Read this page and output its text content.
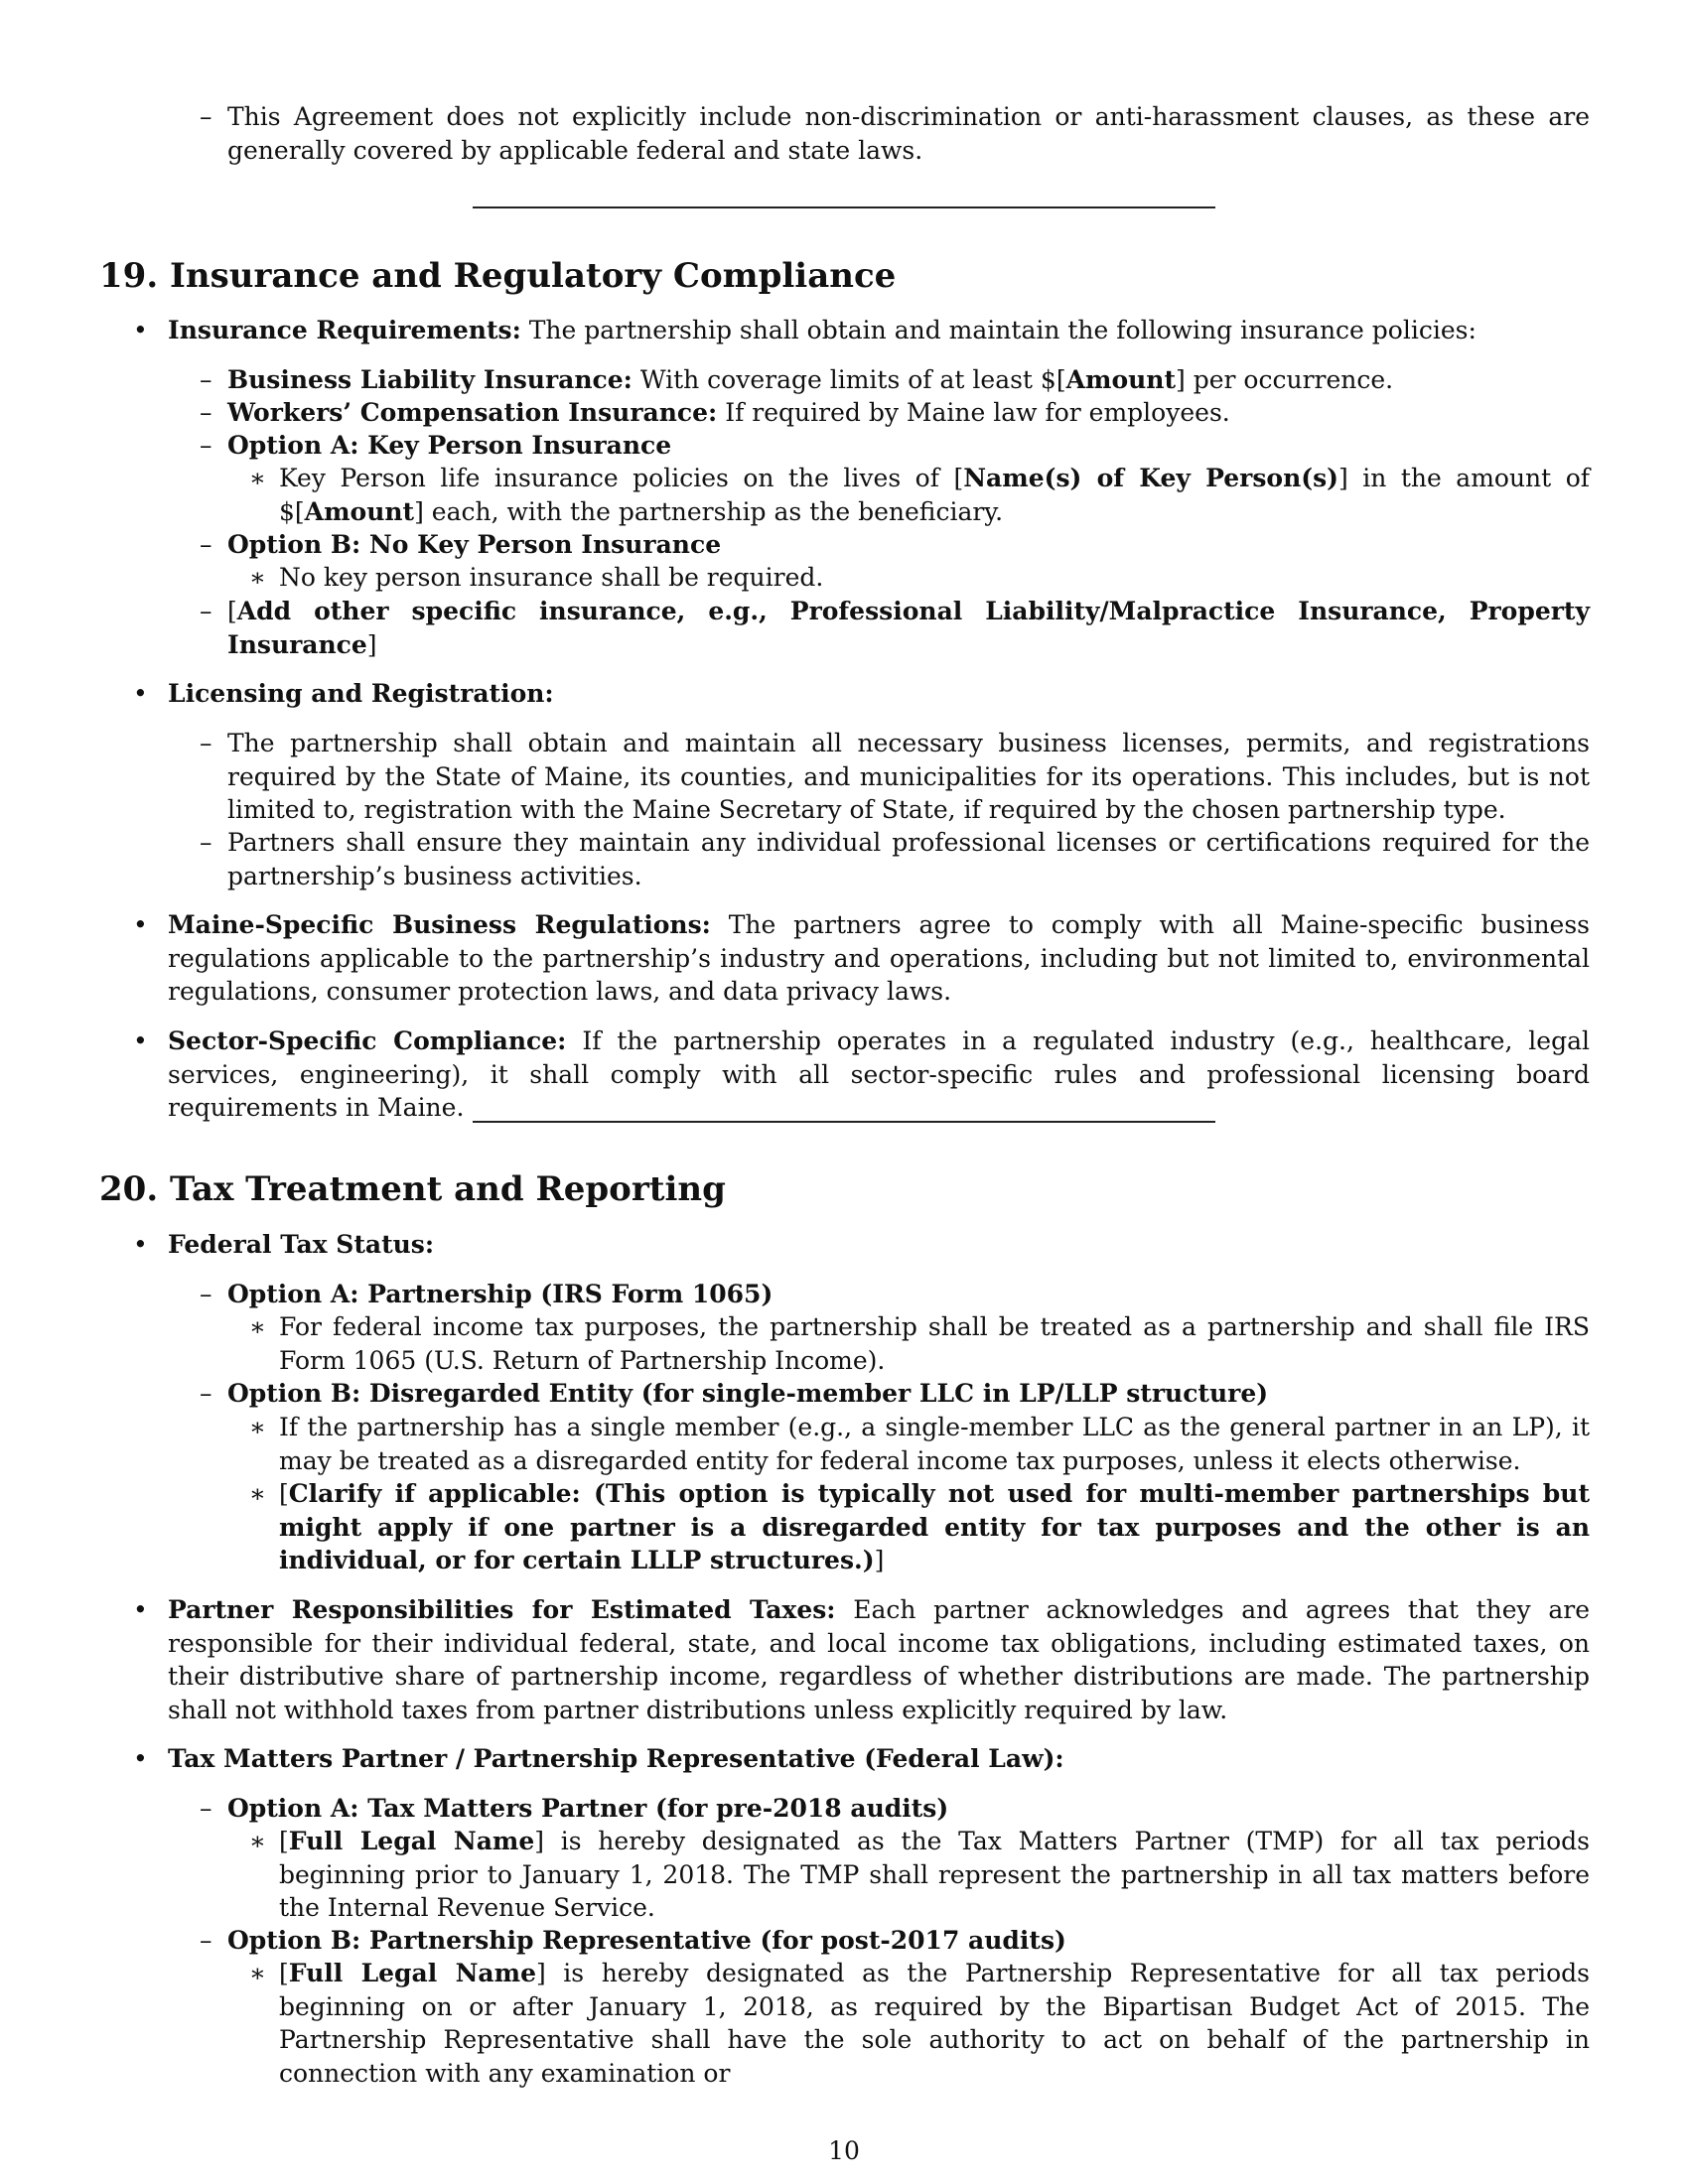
– This Agreement does not explicitly include non-discrimination or anti-harassment clauses, as these are generally covered by applicable federal and state laws.
19. Insurance and Regulatory Compliance
• Insurance Requirements: The partnership shall obtain and maintain the following insurance policies:
– Business Liability Insurance: With coverage limits of at least $[Amount] per occurrence.
– Workers’ Compensation Insurance: If required by Maine law for employees.
– Option A: Key Person Insurance
∗ Key Person life insurance policies on the lives of [Name(s) of Key Person(s)] in the amount of $[Amount] each, with the partnership as the beneficiary.
– Option B: No Key Person Insurance
∗ No key person insurance shall be required.
– [Add other specific insurance, e.g., Professional Liability/Malpractice Insurance, Property Insurance]
• Licensing and Registration:
– The partnership shall obtain and maintain all necessary business licenses, permits, and registrations required by the State of Maine, its counties, and municipalities for its operations. This includes, but is not limited to, registration with the Maine Secretary of State, if required by the chosen partnership type.
– Partners shall ensure they maintain any individual professional licenses or certifications required for the partnership’s business activities.
• Maine-Specific Business Regulations: The partners agree to comply with all Maine-specific business regulations applicable to the partnership’s industry and operations, including but not limited to, environmental regulations, consumer protection laws, and data privacy laws.
• Sector-Specific Compliance: If the partnership operates in a regulated industry (e.g., healthcare, legal services, engineering), it shall comply with all sector-specific rules and professional licensing board requirements in Maine.
20. Tax Treatment and Reporting
• Federal Tax Status:
– Option A: Partnership (IRS Form 1065)
∗ For federal income tax purposes, the partnership shall be treated as a partnership and shall file IRS Form 1065 (U.S. Return of Partnership Income).
– Option B: Disregarded Entity (for single-member LLC in LP/LLP structure)
∗ If the partnership has a single member (e.g., a single-member LLC as the general partner in an LP), it may be treated as a disregarded entity for federal income tax purposes, unless it elects otherwise.
∗ [Clarify if applicable: (This option is typically not used for multi-member partnerships but might apply if one partner is a disregarded entity for tax purposes and the other is an individual, or for certain LLLP structures.)]
• Partner Responsibilities for Estimated Taxes: Each partner acknowledges and agrees that they are responsible for their individual federal, state, and local income tax obligations, including estimated taxes, on their distributive share of partnership income, regardless of whether distributions are made. The partnership shall not withhold taxes from partner distributions unless explicitly required by law.
• Tax Matters Partner / Partnership Representative (Federal Law):
– Option A: Tax Matters Partner (for pre-2018 audits)
∗ [Full Legal Name] is hereby designated as the Tax Matters Partner (TMP) for all tax periods beginning prior to January 1, 2018. The TMP shall represent the partnership in all tax matters before the Internal Revenue Service.
– Option B: Partnership Representative (for post-2017 audits)
∗ [Full Legal Name] is hereby designated as the Partnership Representative for all tax periods beginning on or after January 1, 2018, as required by the Bipartisan Budget Act of 2015. The Partnership Representative shall have the sole authority to act on behalf of the partnership in connection with any examination or
10
